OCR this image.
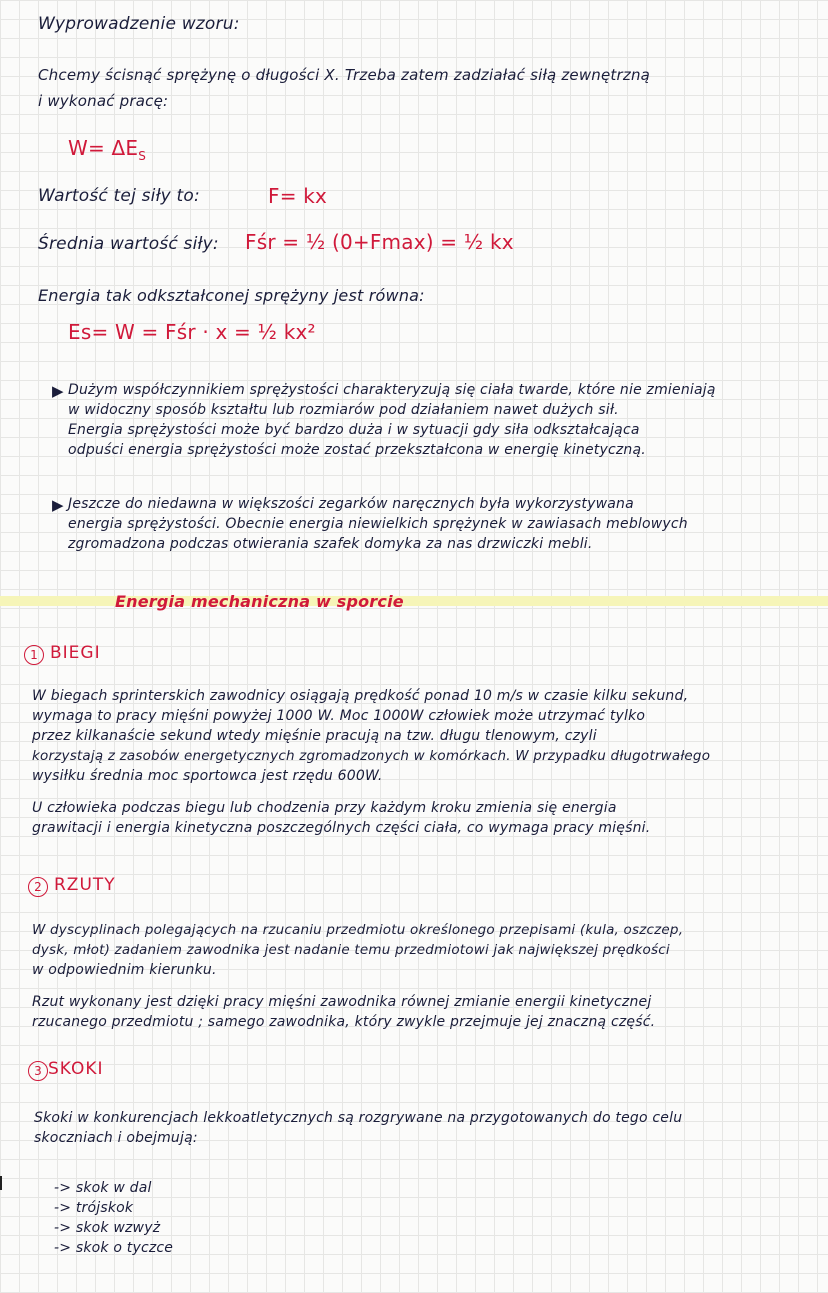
Wyprowadzenie wzoru:
Chcemy ścisnąć sprężynę o długości X. Trzeba zatem zadziałać siłą zewnętrzną
i wykonać pracę:
$W= \Delta E_S$
Wartość tej siły to:	F= kx
Średnia wartość siły: Fśr = ½ (0+Fmax) = ½ kx
Energia tak odkształconej sprężyny jest równa:
Es= W = Fśr · x = ½ kx²
▶ Dużym współczynnikiem sprężystości charakteryzują się ciała twarde, które nie zmieniają
w widoczny sposób kształtu lub rozmiarów pod działaniem nawet dużych sił.
Energia sprężystości może być bardzo duża i w sytuacji gdy siła odkształcająca
odpuści energia sprężystości może zostać przekształcona w energię kinetyczną.
▶ Jeszcze do niedawna w większości zegarków naręcznych była wykorzystywana
energia sprężystości. Obecnie energia niewielkich sprężynek w zawiasach meblowych
zgromadzona podczas otwierania szafek domyka za nas drzwiczki mebli.
Energia mechaniczna w sporcie
1 BIEGI
W biegach sprinterskich zawodnicy osiągają prędkość ponad 10 m/s w czasie kilku sekund,
wymaga to pracy mięśni powyżej 1000 W. Moc 1000W człowiek może utrzymać tylko
przez kilkanaście sekund wtedy mięśnie pracują na tzw. długu tlenowym, czyli
korzystają z zasobów energetycznych zgromadzonych w komórkach. W przypadku długotrwałego
wysiłku średnia moc sportowca jest rzędu 600W.
U człowieka podczas biegu lub chodzenia przy każdym kroku zmienia się energia
grawitacji i energia kinetyczna poszczególnych części ciała, co wymaga pracy mięśni.
2 RZUTY
W dyscyplinach polegających na rzucaniu przedmiotu określonego przepisami (kula, oszczep,
dysk, młot) zadaniem zawodnika jest nadanie temu przedmiotowi jak największej prędkości
w odpowiednim kierunku.
Rzut wykonany jest dzięki pracy mięśni zawodnika równej zmianie energii kinetycznej
rzucanego przedmiotu ; samego zawodnika, który zwykle przejmuje jej znaczną część.
3 SKOKI
Skoki w konkurencjach lekkoatletycznych są rozgrywane na przygotowanych do tego celu
skoczniach i obejmują:
-> skok w dal
-> trójskok
-> skok wzwyż
-> skok o tyczce
